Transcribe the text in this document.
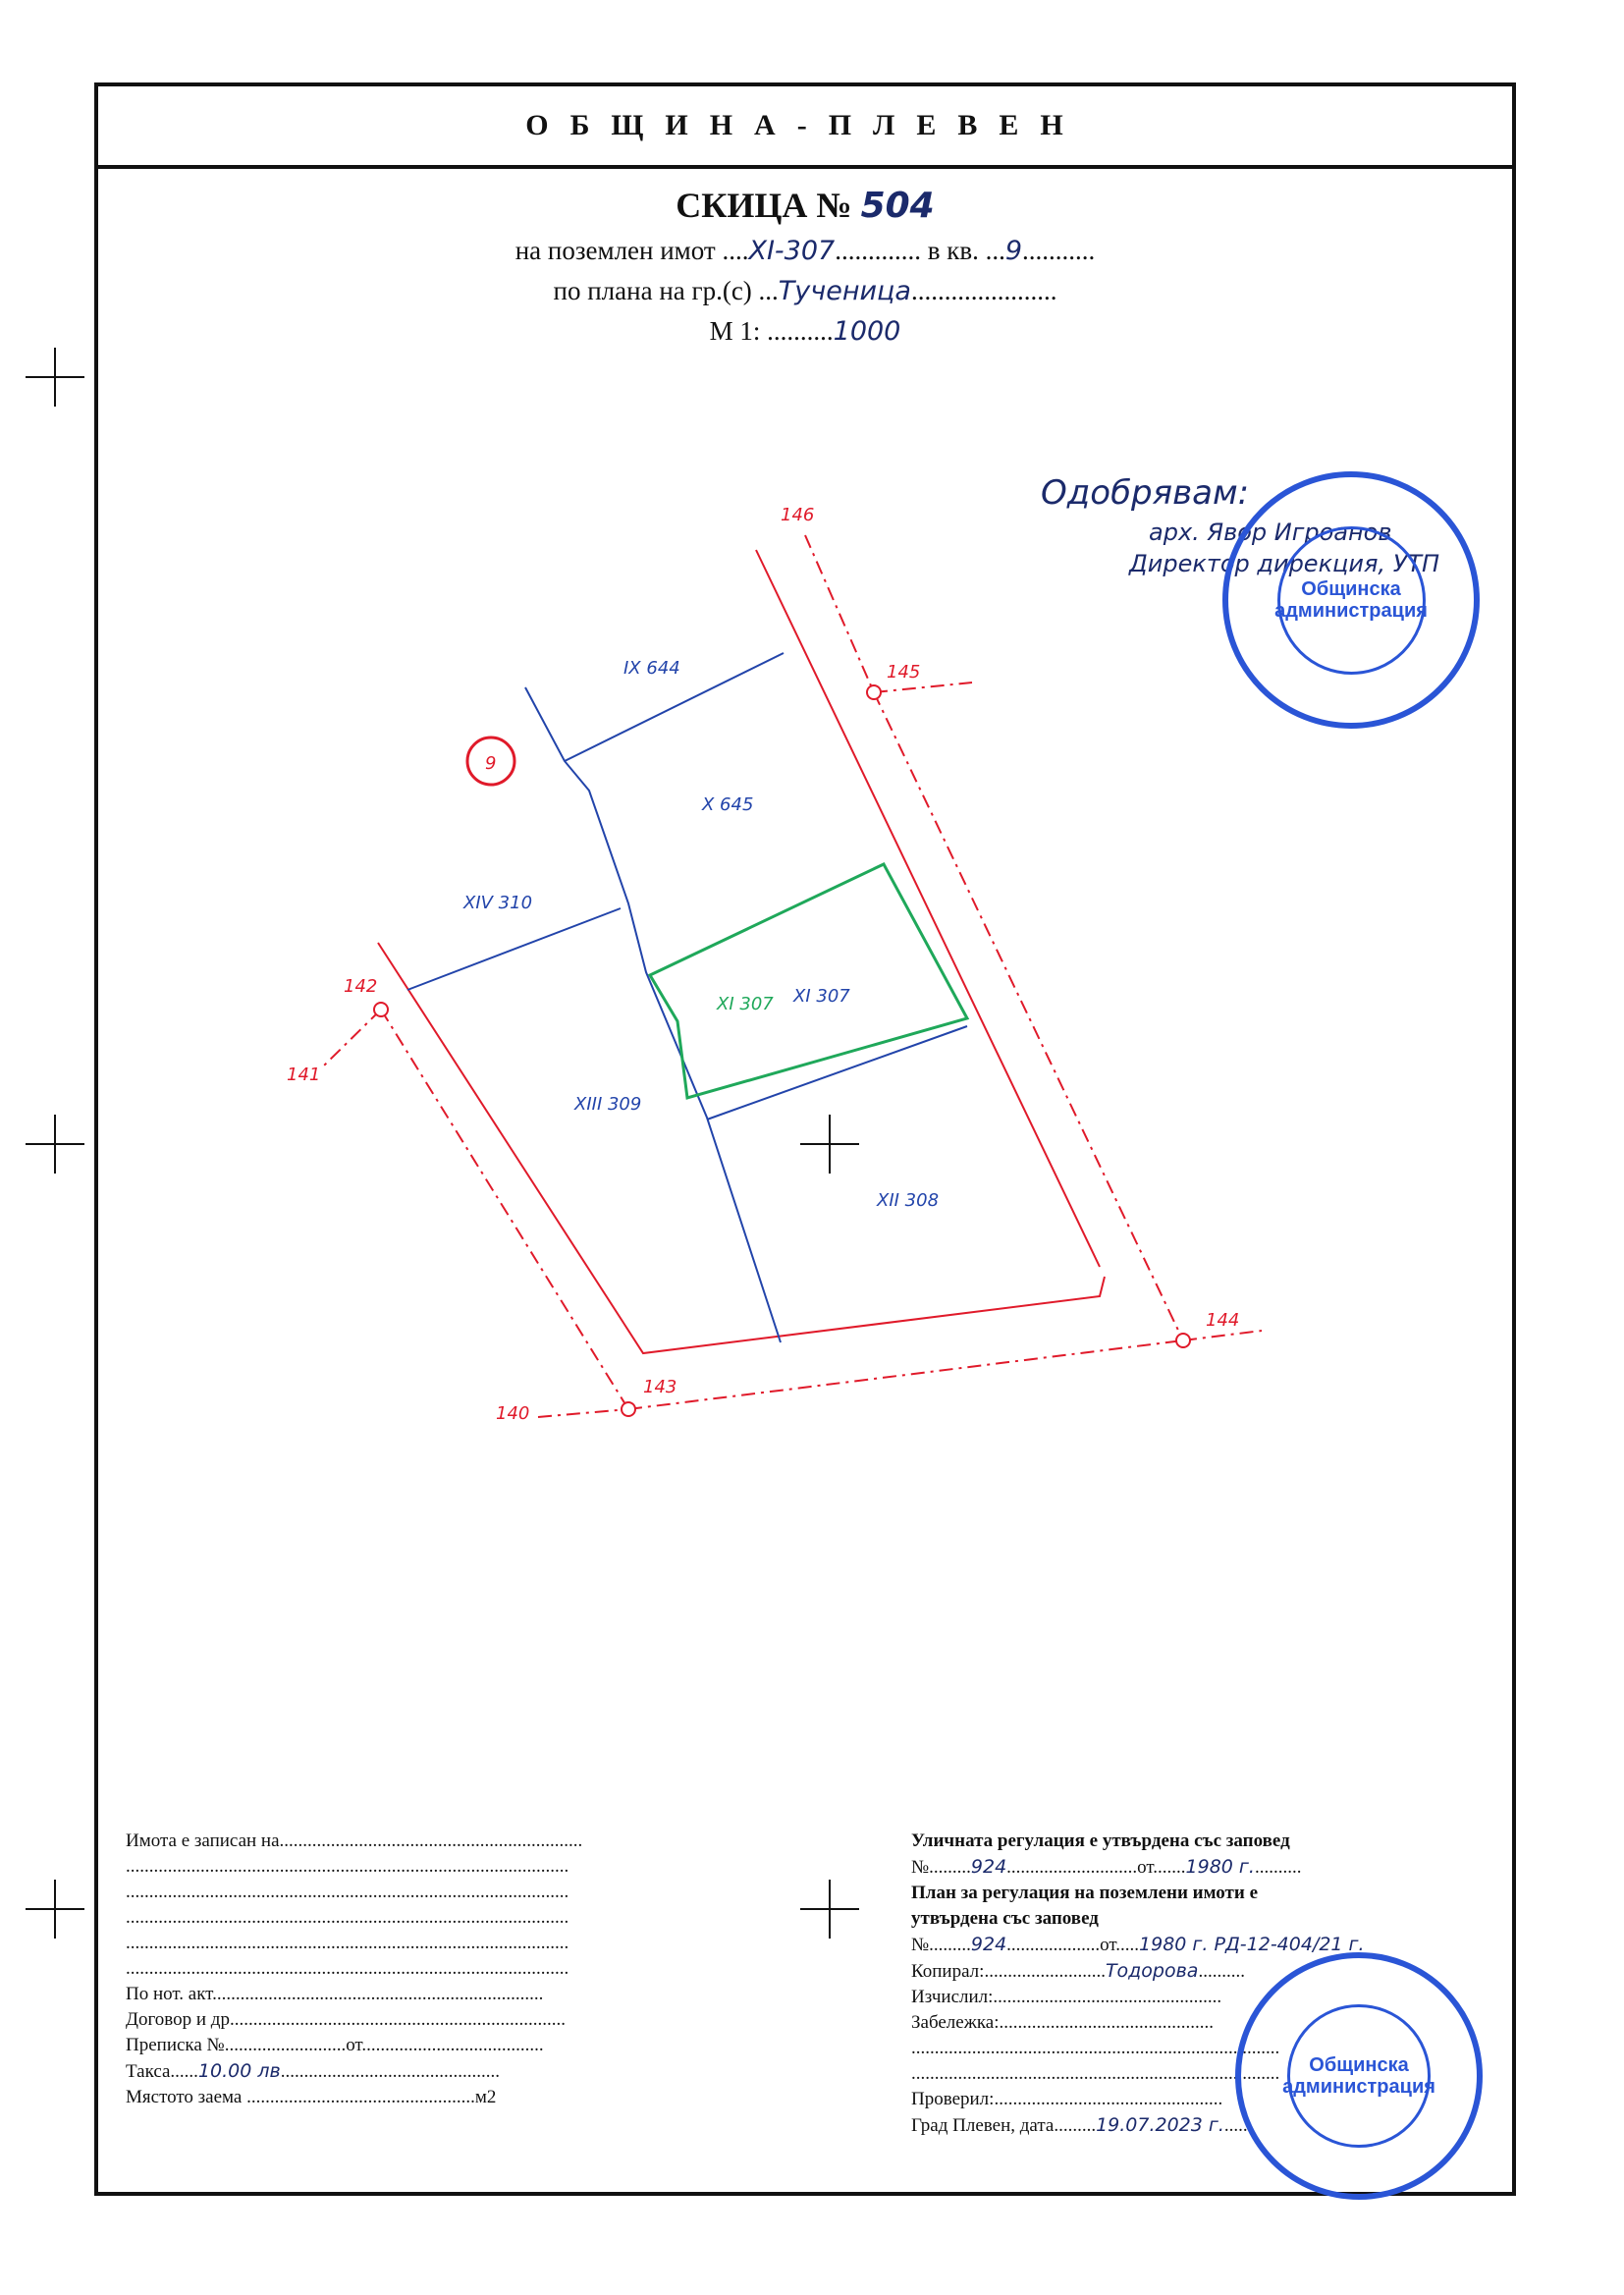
ОБЩИНА-ПЛЕВЕН
СКИЦА № 504
на поземлен имот ....XI-307............. в кв. ...9...........
по плана на гр.(с) ...Тученица......................
М 1: ..........1000
Одобрявам:
арх. Явор Игроанов
Директор дирекция, УТП
Общинска администрация
9
146
145
142
141
143
140
144
IX 644
X 645
XIV 310
XI 307 XI 307
XIII 309
XII 308
Имота е записан на.................................................................
...............................................................................................
...............................................................................................
...............................................................................................
...............................................................................................
...............................................................................................
По нот. акт.......................................................................
Договор и др........................................................................
Преписка №..........................от.......................................
Такса......10.00 лв...............................................
Мястото заема .................................................м2
Уличната регулация е утвърдена със заповед
№.........924............................от.......1980 г...........
План за регулация на поземлени имоти е
утвърдена със заповед
№.........924....................от.....1980 г. РД-12-404/21 г.
Копирал:..........................Тодорова..........
Изчислил:.................................................
Забележка:..............................................
...............................................................................
...............................................................................
Проверил:.................................................
Град Плевен, дата.........19.07.2023 г.......
Общинска администрация
